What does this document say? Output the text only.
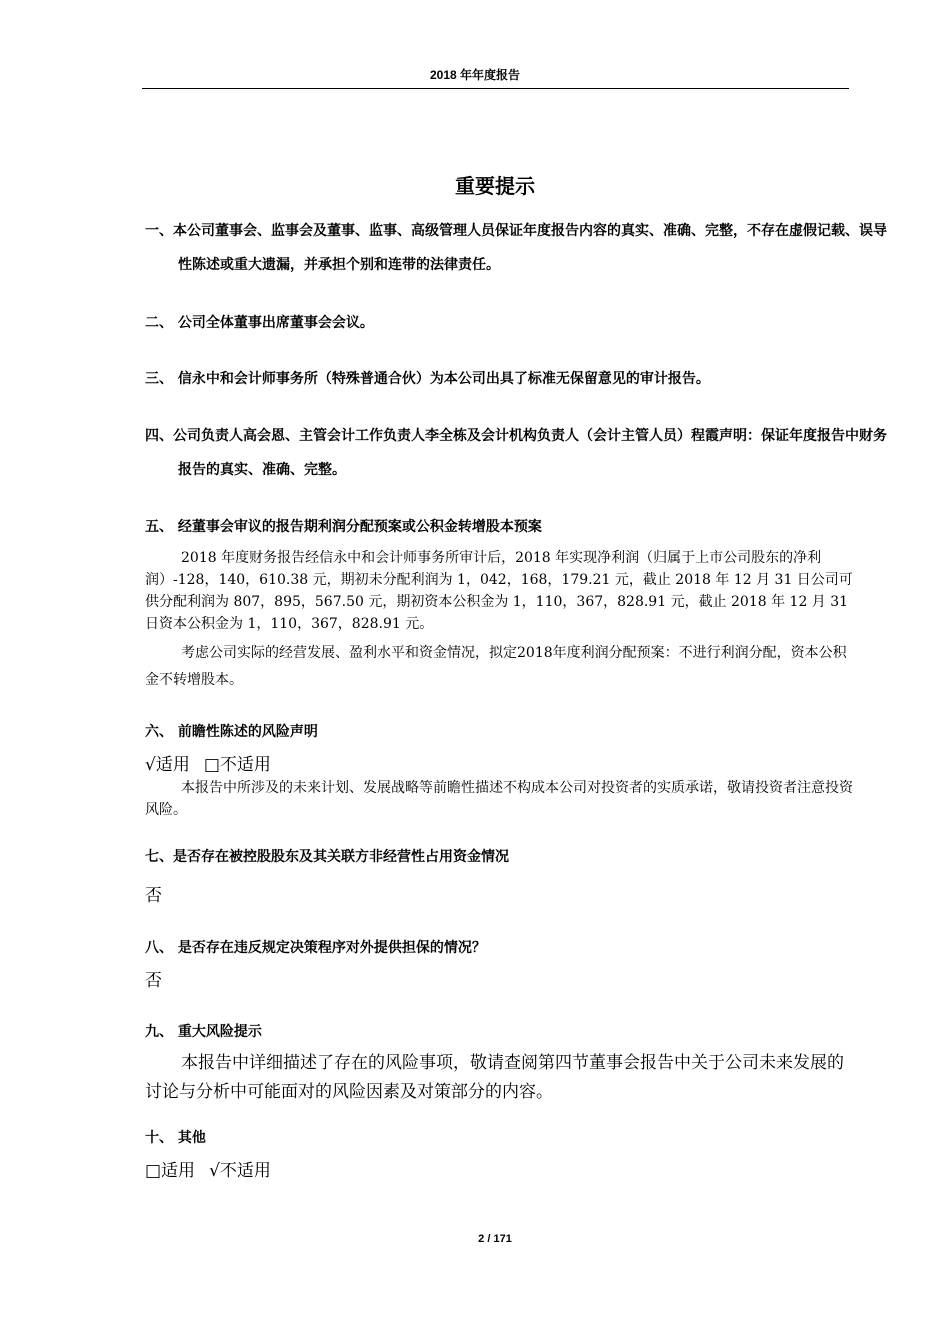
2018 年年度报告
重要提示

一、本公司董事会、监事会及董事、监事、高级管理人员保证年度报告内容的真实、准确、完整，不存在虚假记载、误导性陈述或重大遗漏，并承担个别和连带的法律责任。

二、 公司全体董事出席董事会会议。

三、 信永中和会计师事务所（特殊普通合伙）为本公司出具了标准无保留意见的审计报告。

四、公司负责人高会恩、主管会计工作负责人李全栋及会计机构负责人（会计主管人员）程霞声明：保证年度报告中财务报告的真实、准确、完整。

五、 经董事会审议的报告期利润分配预案或公积金转增股本预案

2018 年度财务报告经信永中和会计师事务所审计后，2018 年实现净利润（归属于上市公司股东的净利润）-128，140，610.38 元，期初未分配利润为 1，042，168，179.21 元，截止 2018 年 12 月 31 日公司可供分配利润为 807，895，567.50 元，期初资本公积金为 1，110，367，828.91 元，截止 2018 年 12 月 31 日资本公积金为 1，110，367，828.91 元。

考虑公司实际的经营发展、盈利水平和资金情况，拟定2018年度利润分配预案：不进行利润分配，资本公积金不转增股本。

六、 前瞻性陈述的风险声明

√适用 □不适用

本报告中所涉及的未来计划、发展战略等前瞻性描述不构成本公司对投资者的实质承诺，敬请投资者注意投资风险。

七、是否存在被控股股东及其关联方非经营性占用资金情况

否

八、 是否存在违反规定决策程序对外提供担保的情况？

否

九、 重大风险提示

本报告中详细描述了存在的风险事项，敬请查阅第四节董事会报告中关于公司未来发展的讨论与分析中可能面对的风险因素及对策部分的内容。

十、 其他

□适用 √不适用
2 / 171
